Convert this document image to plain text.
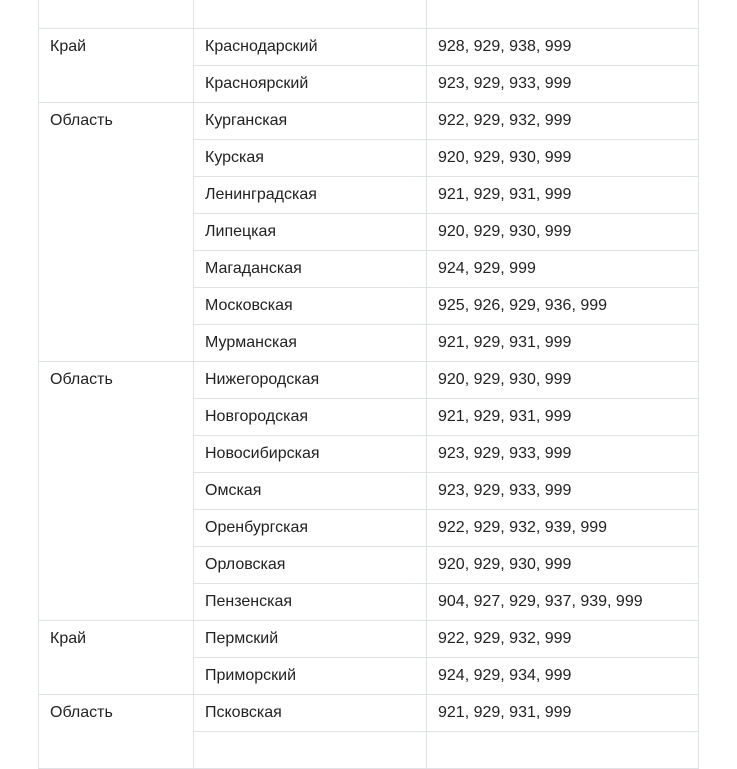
Край	Краснодарский	928, 929, 938, 999
	Красноярский	923, 929, 933, 999
Область	Курганская	922, 929, 932, 999
	Курская	920, 929, 930, 999
	Ленинградская	921, 929, 931, 999
	Липецкая	920, 929, 930, 999
	Магаданская	924, 929, 999
	Московская	925, 926, 929, 936, 999
	Мурманская	921, 929, 931, 999
Область	Нижегородская	920, 929, 930, 999
	Новгородская	921, 929, 931, 999
	Новосибирская	923, 929, 933, 999
	Омская	923, 929, 933, 999
	Оренбургская	922, 929, 932, 939, 999
	Орловская	920, 929, 930, 999
	Пензенская	904, 927, 929, 937, 939, 999
Край	Пермский	922, 929, 932, 999
	Приморский	924, 929, 934, 999
Область	Псковская	921, 929, 931, 999
